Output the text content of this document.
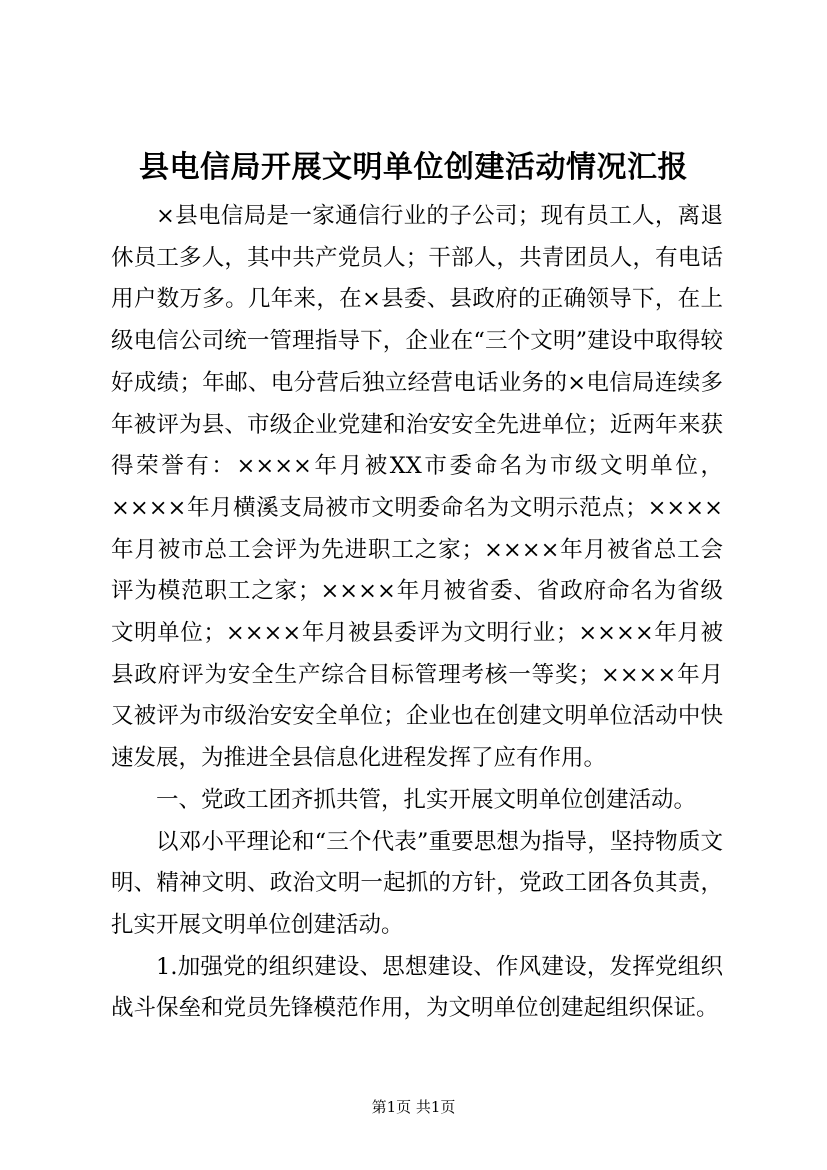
县电信局开展文明单位创建活动情况汇报

×县电信局是一家通信行业的子公司；现有员工人，离退休员工多人，其中共产党员人；干部人，共青团员人，有电话用户数万多。几年来，在×县委、县政府的正确领导下，在上级电信公司统一管理指导下，企业在“三个文明”建设中取得较好成绩；年邮、电分营后独立经营电话业务的×电信局连续多年被评为县、市级企业党建和治安安全先进单位；近两年来获得荣誉有：××××年月被XX市委命名为市级文明单位，××××年月横溪支局被市文明委命名为文明示范点；××××年月被市总工会评为先进职工之家；××××年月被省总工会评为模范职工之家；××××年月被省委、省政府命名为省级文明单位；××××年月被县委评为文明行业；××××年月被县政府评为安全生产综合目标管理考核一等奖；××××年月又被评为市级治安安全单位；企业也在创建文明单位活动中快速发展，为推进全县信息化进程发挥了应有作用。

一、党政工团齐抓共管，扎实开展文明单位创建活动。

以邓小平理论和“三个代表”重要思想为指导，坚持物质文明、精神文明、政治文明一起抓的方针，党政工团各负其责，扎实开展文明单位创建活动。

1.加强党的组织建设、思想建设、作风建设，发挥党组织战斗保垒和党员先锋模范作用，为文明单位创建起组织保证。

第1页 共1页
